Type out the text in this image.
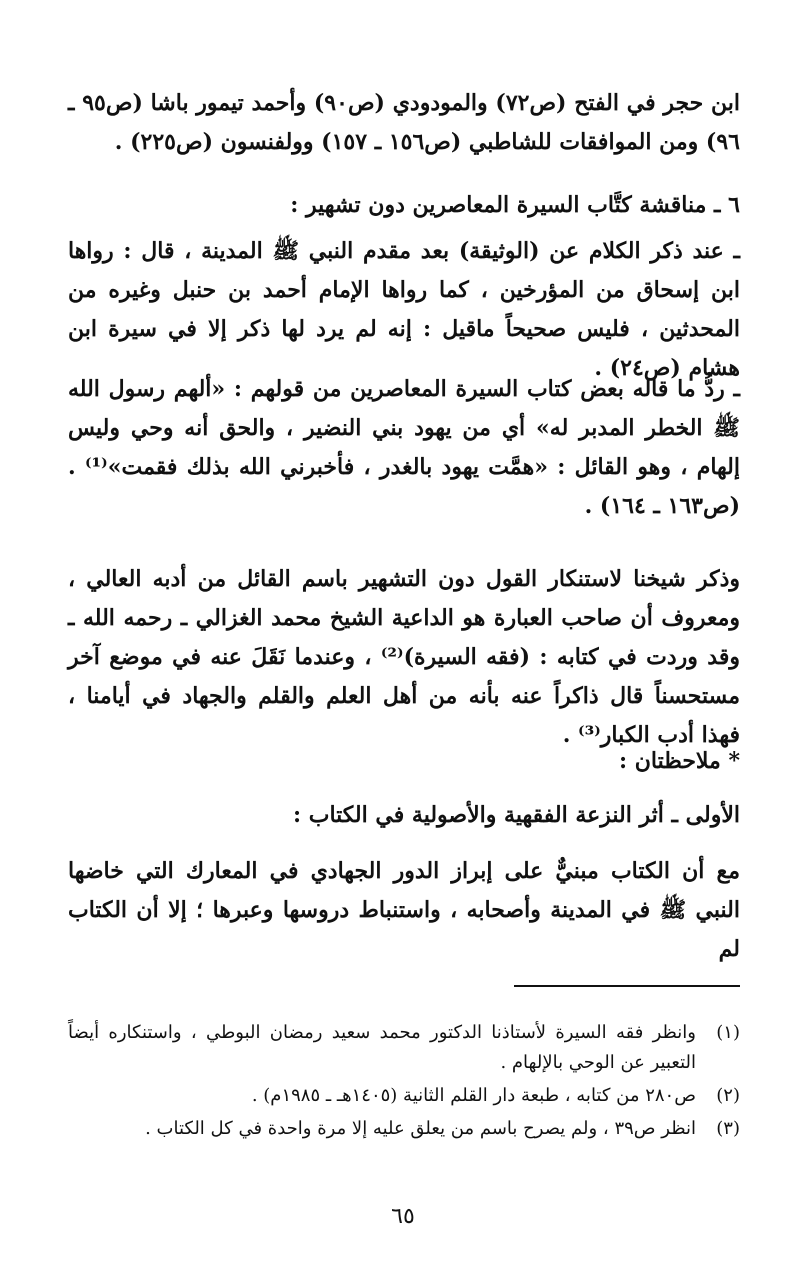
ابن حجر في الفتح (ص٧٢) والمودودي (ص٩٠) وأحمد تيمور باشا (ص٩٥ ـ ٩٦) ومن الموافقات للشاطبي (ص١٥٦ ـ ١٥٧) وولفنسون (ص٢٢٥) .

٦ ـ مناقشة كتَّاب السيرة المعاصرين دون تشهير :

ـ عند ذكر الكلام عن (الوثيقة) بعد مقدم النبي ﷺ المدينة ، قال : رواها ابن إسحاق من المؤرخين ، كما رواها الإمام أحمد بن حنبل وغيره من المحدثين ، فليس صحيحاً ماقيل : إنه لم يرد لها ذكر إلا في سيرة ابن هشام (ص٢٤) .

ـ ردُّ ما قاله بعض كتاب السيرة المعاصرين من قولهم : «ألهم رسول الله ﷺ الخطر المدبر له» أي من يهود بني النضير ، والحق أنه وحي وليس إلهام ، وهو القائل : «همَّت يهود بالغدر ، فأخبرني الله بذلك فقمت»⁽¹⁾ . (ص١٦٣ ـ ١٦٤) .

وذكر شيخنا لاستنكار القول دون التشهير باسم القائل من أدبه العالي ، ومعروف أن صاحب العبارة هو الداعية الشيخ محمد الغزالي ـ رحمه الله ـ وقد وردت في كتابه : (فقه السيرة)⁽²⁾ ، وعندما نَقَلَ عنه في موضع آخر مستحسناً قال ذاكراً عنه بأنه من أهل العلم والقلم والجهاد في أيامنا ، فهذا أدب الكبار⁽³⁾ .

* ملاحظتان :

الأولى ـ أثر النزعة الفقهية والأصولية في الكتاب :

مع أن الكتاب مبنيٌّ على إبراز الدور الجهادي في المعارك التي خاضها النبي ﷺ في المدينة وأصحابه ، واستنباط دروسها وعبرها ؛ إلا أن الكتاب لم

(١)
وانظر فقه السيرة لأستاذنا الدكتور محمد سعيد رمضان البوطي ، واستنكاره أيضاً التعبير عن الوحي بالإلهام .
(٢)
ص٢٨٠ من كتابه ، طبعة دار القلم الثانية (١٤٠٥هـ ـ ١٩٨٥م) .
(٣)
انظر ص٣٩ ، ولم يصرح باسم من يعلق عليه إلا مرة واحدة في كل الكتاب .
٦٥
